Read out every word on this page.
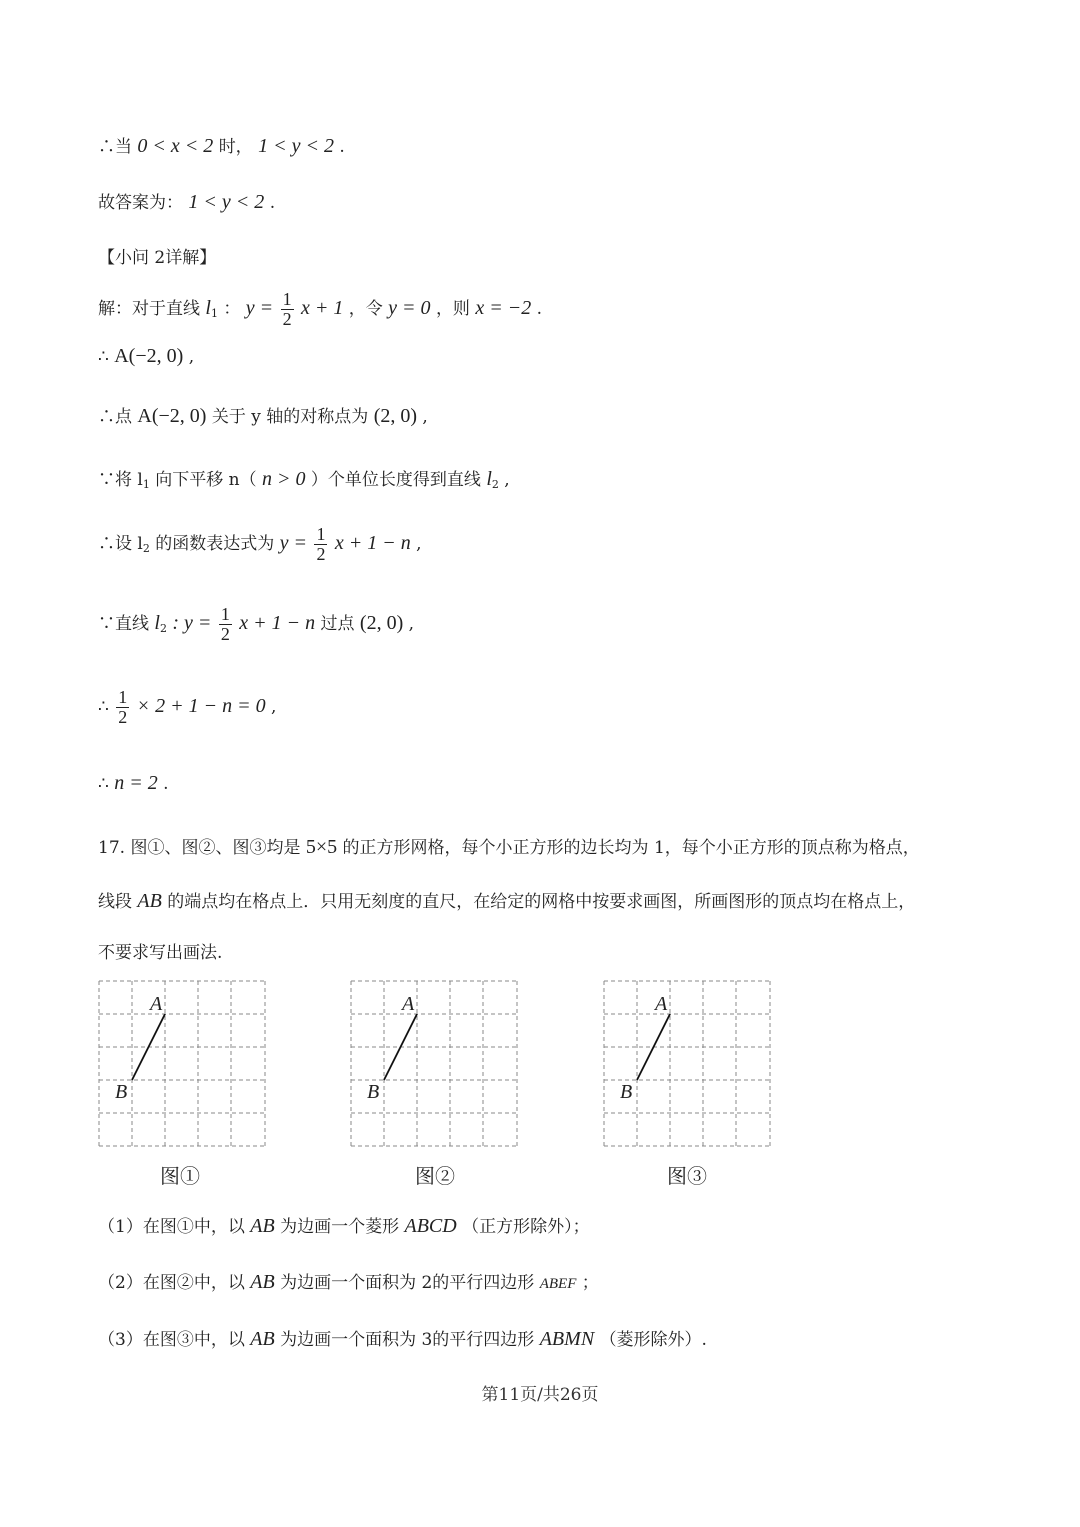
∴当 0 < x < 2 时， 1 < y < 2 .
故答案为： 1 < y < 2 .
【小问 2详解】
解：对于直线 $l_1$ ： $y = \frac{1}{2}$ x + 1 ，令 y = 0 ，则 x = −2 .
∴ A(−2, 0) ,
∴点 A(−2, 0) 关于 y 轴的对称点为 (2, 0) ,
∵将 $l_1$ 向下平移 n（ n > 0 ）个单位长度得到直线 $l_2$ ,
∴设 $l_2$ 的函数表达式为 $y = \frac{1}{2}$ x + 1 − n ,
∵直线 $l_2$ : $y = \frac{1}{2}$ x + 1 − n 过点 (2, 0) ,
∴ $\frac{1}{2} \times 2 + 1 - n = 0$ ,
∴ n = 2 .
17. 图①、图②、图③均是 5×5 的正方形网格，每个小正方形的边长均为 1，每个小正方形的顶点称为格点，
线段 AB 的端点均在格点上．只用无刻度的直尺，在给定的网格中按要求画图，所画图形的顶点均在格点上，
不要求写出画法.
A
B
图①
A
B
图②
A
B
图③
（1）在图①中，以 AB 为边画一个菱形 ABCD （正方形除外）；
（2）在图②中，以 AB 为边画一个面积为 2的平行四边形 ABEF ；
（3）在图③中，以 AB 为边画一个面积为 3的平行四边形 ABMN （菱形除外）.
第11页/共26页
